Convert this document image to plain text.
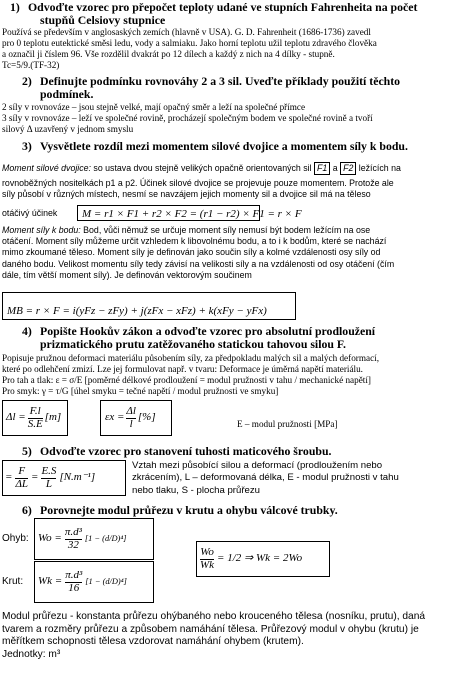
1) Odvoďte vzorec pro přepočet teploty udané ve stupních Fahrenheita na počet
stupňů Celsiovy stupnice
Používá se především v anglosaských zemích (hlavně v USA). G. D. Fahrenheit (1686-1736) zavedl
pro 0 teplotu eutektické směsi ledu, vody a salmiaku. Jako horní teplotu užil teplotu zdravého člověka
a označil ji číslem 96. Vše rozdělil dvakrát po 12 dílech a každý z nich na 4 dílky - stupně.
Tc=5/9.(TF-32)
2) Definujte podmínku rovnováhy 2 a 3 sil. Uveďte příklady použití těchto
podmínek.
2 síly v rovnováze – jsou stejně velké, mají opačný směr a leží na společné přímce
3 síly v rovnováze – leží ve společné rovině, procházejí společným bodem ve společné rovině a tvoří
silový Δ uzavřený v jednom smyslu
3) Vysvětlete rozdíl mezi momentem silové dvojice a momentem síly k bodu.
Moment silové dvojice: so ustava dvou stejně velikých opačně orientovaných sil F1 a F2 ležících na
rovnoběžných nositelkách p1 a p2. Účinek silové dvojice se projevuje pouze momentem. Protože ale
síly působí v různých místech, nesmí se navzájem jejich momenty sil a dvojice sil má na těleso
otáčivý účinek	M = r1 × F1 + r2 × F2 = (r1 − r2) × F1 = r × F
Moment síly k bodu: Bod, vůči němuž se určuje moment síly nemusí být bodem ležícím na ose
otáčení. Moment síly můžeme určit vzhledem k libovolnému bodu, a to i k bodům, které se nachází
mimo zkoumané těleso. Moment síly je definován jako součin síly a kolmé vzdálenosti osy síly od
daného bodu. Velikost momentu síly tedy závisí na velikosti síly a na vzdálenosti od osy otáčení (čím
dále, tím větší moment síly). Je definován vektorovým součinem
MB = r × F = i(yFz − zFy) + j(zFx − xFz) + k(xFy − yFx)
4) Popište Hookův zákon a odvoďte vzorec pro absolutní prodloužení
prizmatického prutu zatěžovaného statickou tahovou silou F.
Popisuje pružnou deformaci materiálu působením síly, za předpokladu malých sil a malých deformací,
které po odlehčení zmizí. Lze jej formulovat např. v tvaru: Deformace je úměrná napětí materiálu.
Pro tah a tlak: ε = σ/E [poměrné délkové prodloužení = modul pružnosti v tahu / mechanické napětí]
Pro smyk: γ = τ/G [úhel smyku = tečné napětí / modul pružnosti ve smyku]
$\Delta l = \frac{F.l}{S.E} [m]$	$\varepsilon x = \frac{\Delta l}{l}$ [%]
E – modul pružnosti [MPa]
5) Odvoďte vzorec pro stanovení tuhosti maticového šroubu.
= $\frac{F}{\Delta L} = \frac{E.S}{L} [N.m^{-1}]$
Vztah mezi působící silou a deformací (prodloužením nebo
zkrácením), L – deformovaná délka, E - modul pružnosti v tahu
nebo tlaku, S - plocha průřezu
6) Porovnejte modul průřezu v krutu a ohybu válcové trubky.
Ohyb: $Wo = \frac{\text{π.d³}}{32} [1 - (d/D)^4]$
Krut:	$Wk = \frac{\text{π.d³}}{16} [1 - (d/D)^4]$
$\frac{Wo}{Wk} = 1/2$ ⇒ Wk = 2Wo
Modul průřezu - konstanta průřezu ohýbaného nebo krouceného tělesa (nosníku, prutu), daná
tvarem a rozměry průřezu a způsobem namáhání tělesa. Průřezový modul v ohybu (krutu) je
měřítkem schopnosti tělesa vzdorovat namáhání ohybem (krutem).
Jednotky: m³
